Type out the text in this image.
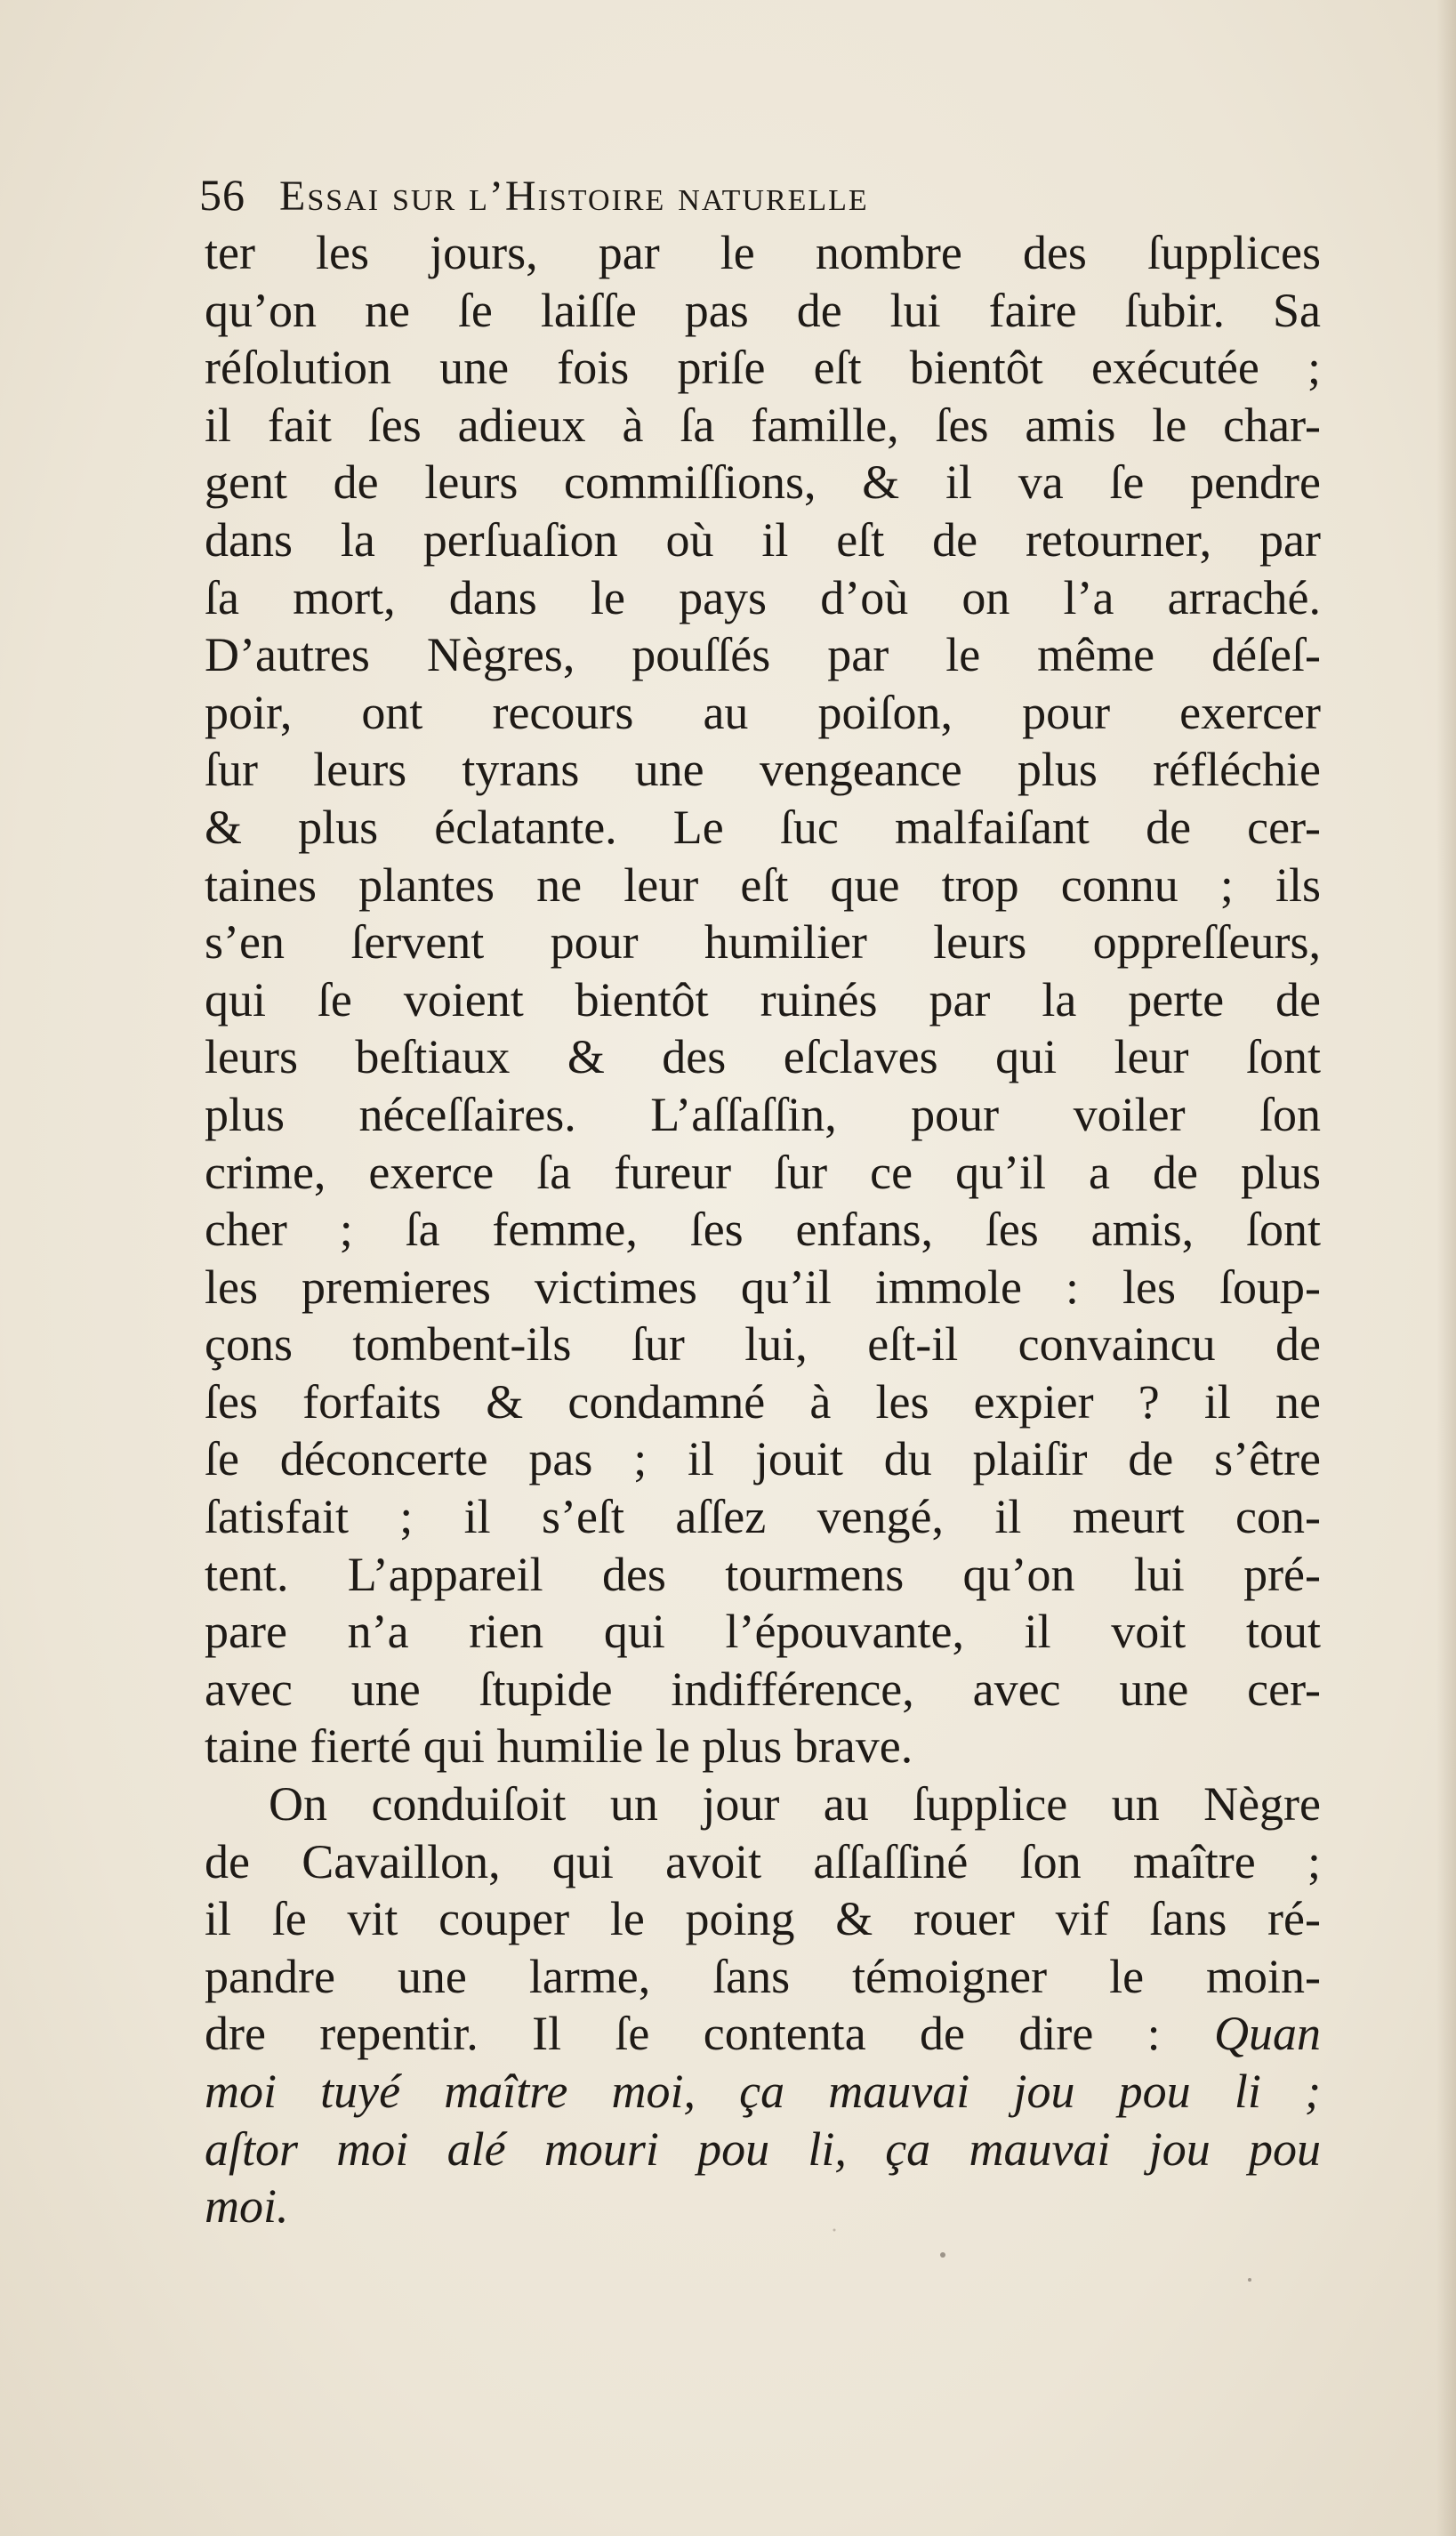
56 Essai sur l’Histoire naturelle
ter les jours, par le nombre des ſupplices
qu’on ne ſe laiſſe pas de lui faire ſubir. Sa
réſolution une fois priſe eſt bientôt exécutée ;
il fait ſes adieux à ſa famille, ſes amis le char-
gent de leurs commiſſions, & il va ſe pendre
dans la perſuaſion où il eſt de retourner, par
ſa mort, dans le pays d’où on l’a arraché.
D’autres Nègres, pouſſés par le même déſeſ-
poir, ont recours au poiſon, pour exercer
ſur leurs tyrans une vengeance plus réfléchie
& plus éclatante. Le ſuc malfaiſant de cer-
taines plantes ne leur eſt que trop connu ; ils
s’en ſervent pour humilier leurs oppreſſeurs,
qui ſe voient bientôt ruinés par la perte de
leurs beſtiaux & des eſclaves qui leur ſont
plus néceſſaires. L’aſſaſſin, pour voiler ſon
crime, exerce ſa fureur ſur ce qu’il a de plus
cher ; ſa femme, ſes enfans, ſes amis, ſont
les premieres victimes qu’il immole : les ſoup-
çons tombent-ils ſur lui, eſt-il convaincu de
ſes forfaits & condamné à les expier ? il ne
ſe déconcerte pas ; il jouit du plaiſir de s’être
ſatisfait ; il s’eſt aſſez vengé, il meurt con-
tent. L’appareil des tourmens qu’on lui pré-
pare n’a rien qui l’épouvante, il voit tout
avec une ſtupide indifférence, avec une cer-
taine fierté qui humilie le plus brave.
On conduiſoit un jour au ſupplice un Nègre
de Cavaillon, qui avoit aſſaſſiné ſon maître ;
il ſe vit couper le poing & rouer vif ſans ré-
pandre une larme, ſans témoigner le moin-
dre repentir. Il ſe contenta de dire : Quan
moi tuyé maître moi, ça mauvai jou pou li ;
aſtor moi alé mouri pou li, ça mauvai jou pou
moi.
